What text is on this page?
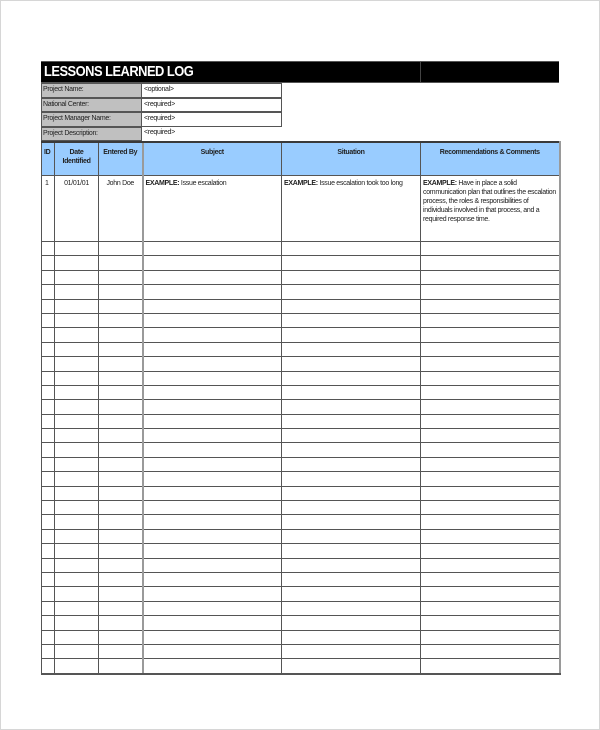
LESSONS LEARNED LOG
Project Name:	<optional>
National Center:	<required>
Project Manager Name:	<required>
Project Description:	<required>
ID	Date Identified	Entered By	Subject	Situation	Recommendations & Comments
1	01/01/01	John Doe	EXAMPLE: Issue escalation	EXAMPLE: Issue escalation took too long	EXAMPLE: Have in place a solid communication plan that outlines the escalation process, the roles & responsibilities of individuals involved in that process, and a required response time.
